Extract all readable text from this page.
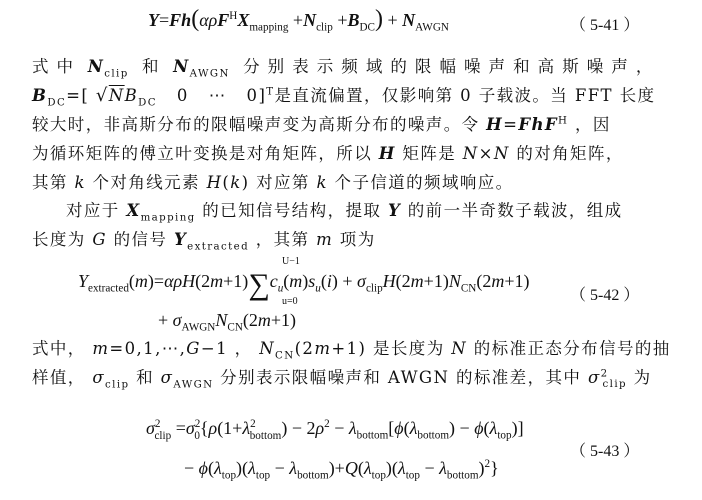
$Y=Fh(\alpha\rho F^HX_{mapping} +N_{clip} +B_{DC}) + N_{AWGN}$	（ 5-41 ）
式 中 $N_{clip}$ 和 $N_{AWGN}$ 分 别 表 示 频 域 的 限 幅 噪 声 和 高 斯 噪 声 ，
$B_{DC}=$[ $√NB_{DC}$   0   ⋯   0]$^T$是直流偏置，仅影响第 0 子载波。当 FFT 长度
较大时，非高斯分布的限幅噪声变为高斯分布的噪声。令 H=FhF$^H$ ，因
为循环矩阵的傅立叶变换是对角矩阵，所以 H 矩阵是 N×N 的对角矩阵，
其第 k 个对角线元素 H(k) 对应第 k 个子信道的频域响应。
对应于 $X_{mapping}$ 的已知信号结构，提取 Y 的前一半奇数子载波，组成
长度为 G 的信号 $Y_{extracted}$ ，其第 m 项为
$Y_{extracted}(m)=\alpha\rho H(2m+1)\sum c_u(m)s_u(i) + \sigma_{clip}H(2m+1)N_{CN}(2m+1)$
U−1
u=0	（ 5-42 ）
+ $\sigma_{AWGN}N_{CN}(2m+1)$
式中， m=0,1,⋯,G−1 ， $N_{CN}(2m+1)$ 是长度为 N 的标准正态分布信号的抽
样值， $\sigma_{clip}$ 和 $\sigma_{AWGN}$ 分别表示限幅噪声和 AWGN 的标准差，其中 $\sigma^2_{clip}$ 为
$\sigma^2_{clip} =\sigma^2_0\{\rho(1+\lambda^2_{bottom}) - 2\rho^2 - \lambda_{bottom}[\phi(\lambda_{bottom}) - \phi(\lambda_{top})]$
（ 5-43 ）
− $\phi(\lambda_{top})(\lambda_{top} - \lambda_{bottom})+Q(\lambda_{top})(\lambda_{top} - \lambda_{bottom})^2$}
